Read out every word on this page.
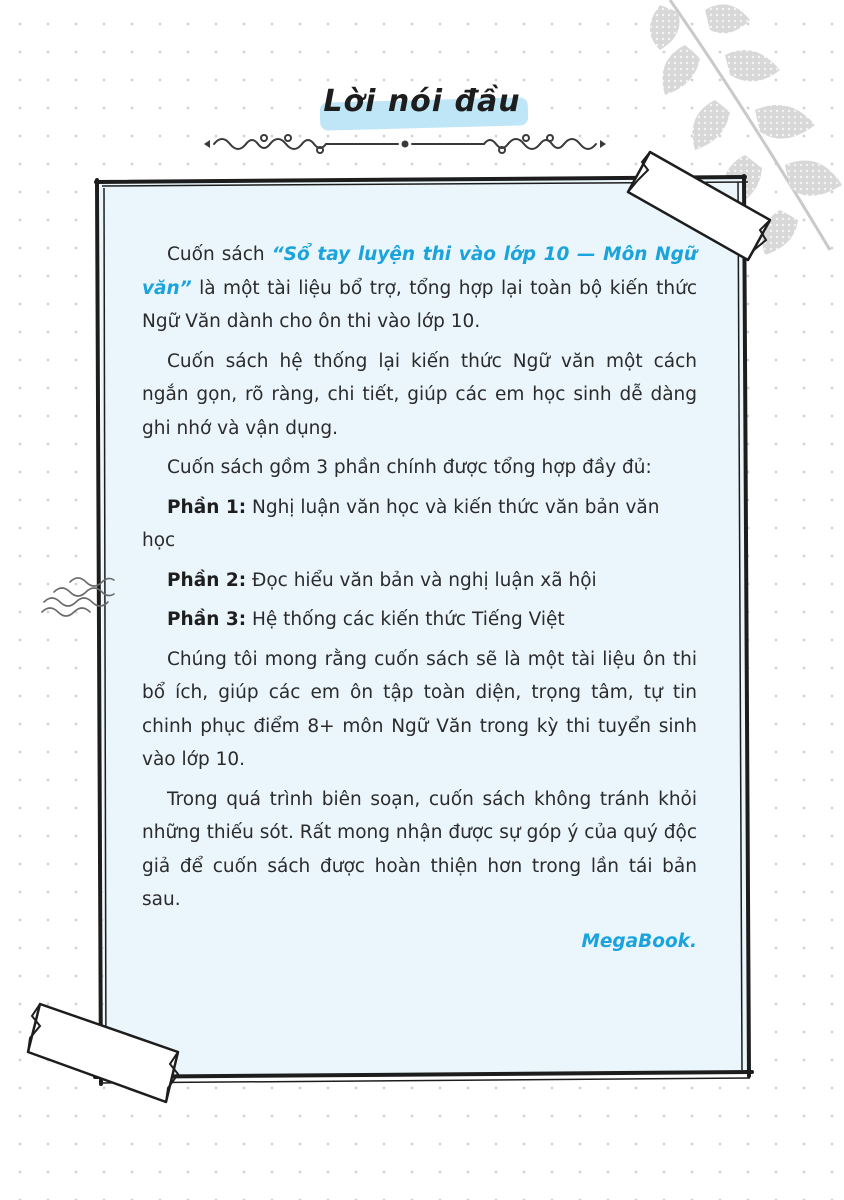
Lời nói đầu

Cuốn sách “Sổ tay luyện thi vào lớp 10 — Môn Ngữ văn” là một tài liệu bổ trợ, tổng hợp lại toàn bộ kiến thức Ngữ Văn dành cho ôn thi vào lớp 10.

Cuốn sách hệ thống lại kiến thức Ngữ văn một cách ngắn gọn, rõ ràng, chi tiết, giúp các em học sinh dễ dàng ghi nhớ và vận dụng.

Cuốn sách gồm 3 phần chính được tổng hợp đầy đủ:

Phần 1: Nghị luận văn học và kiến thức văn bản văn học

Phần 2: Đọc hiểu văn bản và nghị luận xã hội

Phần 3: Hệ thống các kiến thức Tiếng Việt

Chúng tôi mong rằng cuốn sách sẽ là một tài liệu ôn thi bổ ích, giúp các em ôn tập toàn diện, trọng tâm, tự tin chinh phục điểm 8+ môn Ngữ Văn trong kỳ thi tuyển sinh vào lớp 10.

Trong quá trình biên soạn, cuốn sách không tránh khỏi những thiếu sót. Rất mong nhận được sự góp ý của quý độc giả để cuốn sách được hoàn thiện hơn trong lần tái bản sau.

MegaBook.
